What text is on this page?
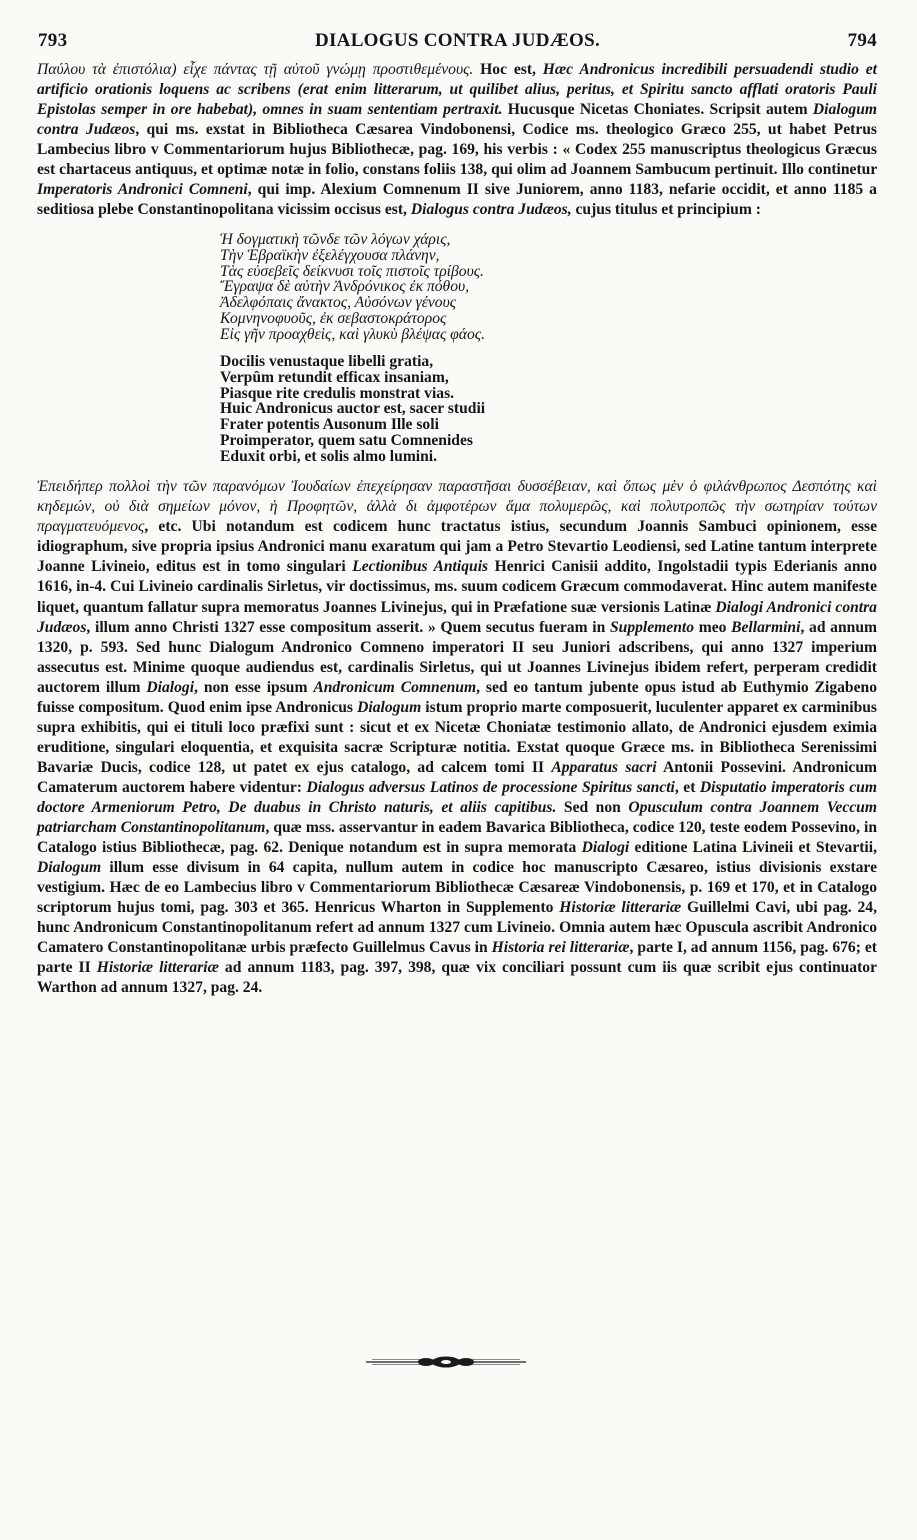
793	DIALOGUS CONTRA JUDÆOS.	794

Παύλου τὰ ἐπιστόλια) εἶχε πάντας τῇ αὐτοῦ γνώμῃ προστιθεμένους. Hoc est, Hæc Andronicus incredibili persuadendi studio et artificio orationis loquens ac scribens (erat enim litterarum, ut quilibet alius, peritus, et Spiritu sancto afflati oratoris Pauli Epistolas semper in ore habebat), omnes in suam sententiam pertraxit. Hucusque Nicetas Choniates. Scripsit autem Dialogum contra Judæos, qui ms. exstat in Bibliotheca Cæsarea Vindobonensi, Codice ms. theologico Græco 255, ut habet Petrus Lambecius libro v Commentariorum hujus Bibliothecæ, pag. 169, his verbis : « Codex 255 manuscriptus theologicus Græcus est chartaceus antiquus, et optimæ notæ in folio, constans foliis 138, qui olim ad Joannem Sambucum pertinuit. Illo continetur Imperatoris Andronici Comneni, qui imp. Alexium Comnenum II sive Juniorem, anno 1183, nefarie occidit, et anno 1185 a seditiosa plebe Constantinopolitana vicissim occisus est, Dialogus contra Judæos, cujus titulus et principium :

Ἡ δογματικὴ τῶνδε τῶν λόγων χάρις,
Τὴν Ἑβραϊκὴν ἐξελέγχουσα πλάνην,
Τὰς εὐσεβεῖς δείκνυσι τοῖς πιστοῖς τρίβους.
Ἔγραψα δὲ αὐτὴν Ἀνδρόνικος ἐκ πόθου,
Ἀδελφόπαις ἄνακτος, Αὐσόνων γένους
Κομνηνοφυοῦς, ἐκ σεβαστοκράτορος
Εἰς γῆν προαχθεὶς, καὶ γλυκὺ βλέψας φάος.
Docilis venustaque libelli gratia,
Verpûm retundit efficax insaniam,
Piasque rite credulis monstrat vias.
Huic Andronicus auctor est, sacer studii
Frater potentis Ausonum Ille soli
Proimperator, quem satu Comnenides
Eduxit orbi, et solis almo lumini.

Ἐπειδήπερ πολλοὶ τὴν τῶν παρανόμων Ἰουδαίων ἐπεχείρησαν παραστῆσαι δυσσέβειαν, καὶ ὅπως μὲν ὁ φιλάνθρωπος Δεσπότης καὶ κηδεμών, οὐ διὰ σημείων μόνον, ἡ Προφητῶν, ἀλλὰ δι ἀμφοτέρων ἅμα πολυμερῶς, καὶ πολυτροπῶς τὴν σωτηρίαν τούτων πραγματευόμενος, etc. Ubi notandum est codicem hunc tractatus istius, secundum Joannis Sambuci opinionem, esse idiographum, sive propria ipsius Andronici manu exaratum qui jam a Petro Stevartio Leodiensi, sed Latine tantum interprete Joanne Livineio, editus est in tomo singulari Lectionibus Antiquis Henrici Canisii addito, Ingolstadii typis Ederianis anno 1616, in-4. Cui Livineio cardinalis Sirletus, vir doctissimus, ms. suum codicem Græcum commodaverat. Hinc autem manifeste liquet, quantum fallatur supra memoratus Joannes Livinejus, qui in Præfatione suæ versionis Latinæ Dialogi Andronici contra Judæos, illum anno Christi 1327 esse compositum asserit. » Quem secutus fueram in Supplemento meo Bellarmini, ad annum 1320, p. 593. Sed hunc Dialogum Andronico Comneno imperatori II seu Juniori adscribens, qui anno 1327 imperium assecutus est. Minime quoque audiendus est, cardinalis Sirletus, qui ut Joannes Livinejus ibidem refert, perperam credidit auctorem illum Dialogi, non esse ipsum Andronicum Comnenum, sed eo tantum jubente opus istud ab Euthymio Zigabeno fuisse compositum. Quod enim ipse Andronicus Dialogum istum proprio marte composuerit, luculenter apparet ex carminibus supra exhibitis, qui ei tituli loco præfixi sunt : sicut et ex Nicetæ Choniatæ testimonio allato, de Andronici ejusdem eximia eruditione, singulari eloquentia, et exquisita sacræ Scripturæ notitia. Exstat quoque Græce ms. in Bibliotheca Serenissimi Bavariæ Ducis, codice 128, ut patet ex ejus catalogo, ad calcem tomi II Apparatus sacri Antonii Possevini. Andronicum Camaterum auctorem habere videntur: Dialogus adversus Latinos de processione Spiritus sancti, et Disputatio imperatoris cum doctore Armeniorum Petro, De duabus in Christo naturis, et aliis capitibus. Sed non Opusculum contra Joannem Veccum patriarcham Constantinopolitanum, quæ mss. asservantur in eadem Bavarica Bibliotheca, codice 120, teste eodem Possevino, in Catalogo istius Bibliothecæ, pag. 62. Denique notandum est in supra memorata Dialogi editione Latina Livineii et Stevartii, Dialogum illum esse divisum in 64 capita, nullum autem in codice hoc manuscripto Cæsareo, istius divisionis exstare vestigium. Hæc de eo Lambecius libro v Commentariorum Bibliothecæ Cæsareæ Vindobonensis, p. 169 et 170, et in Catalogo scriptorum hujus tomi, pag. 303 et 365. Henricus Wharton in Supplemento Historiæ litterariæ Guillelmi Cavi, ubi pag. 24, hunc Andronicum Constantinopolitanum refert ad annum 1327 cum Livineio. Omnia autem hæc Opuscula ascribit Andronico Camatero Constantinopolitanæ urbis præfecto Guillelmus Cavus in Historia rei litterariæ, parte I, ad annum 1156, pag. 676; et parte II Historiæ litterariæ ad annum 1183, pag. 397, 398, quæ vix conciliari possunt cum iis quæ scribit ejus continuator Warthon ad annum 1327, pag. 24.
